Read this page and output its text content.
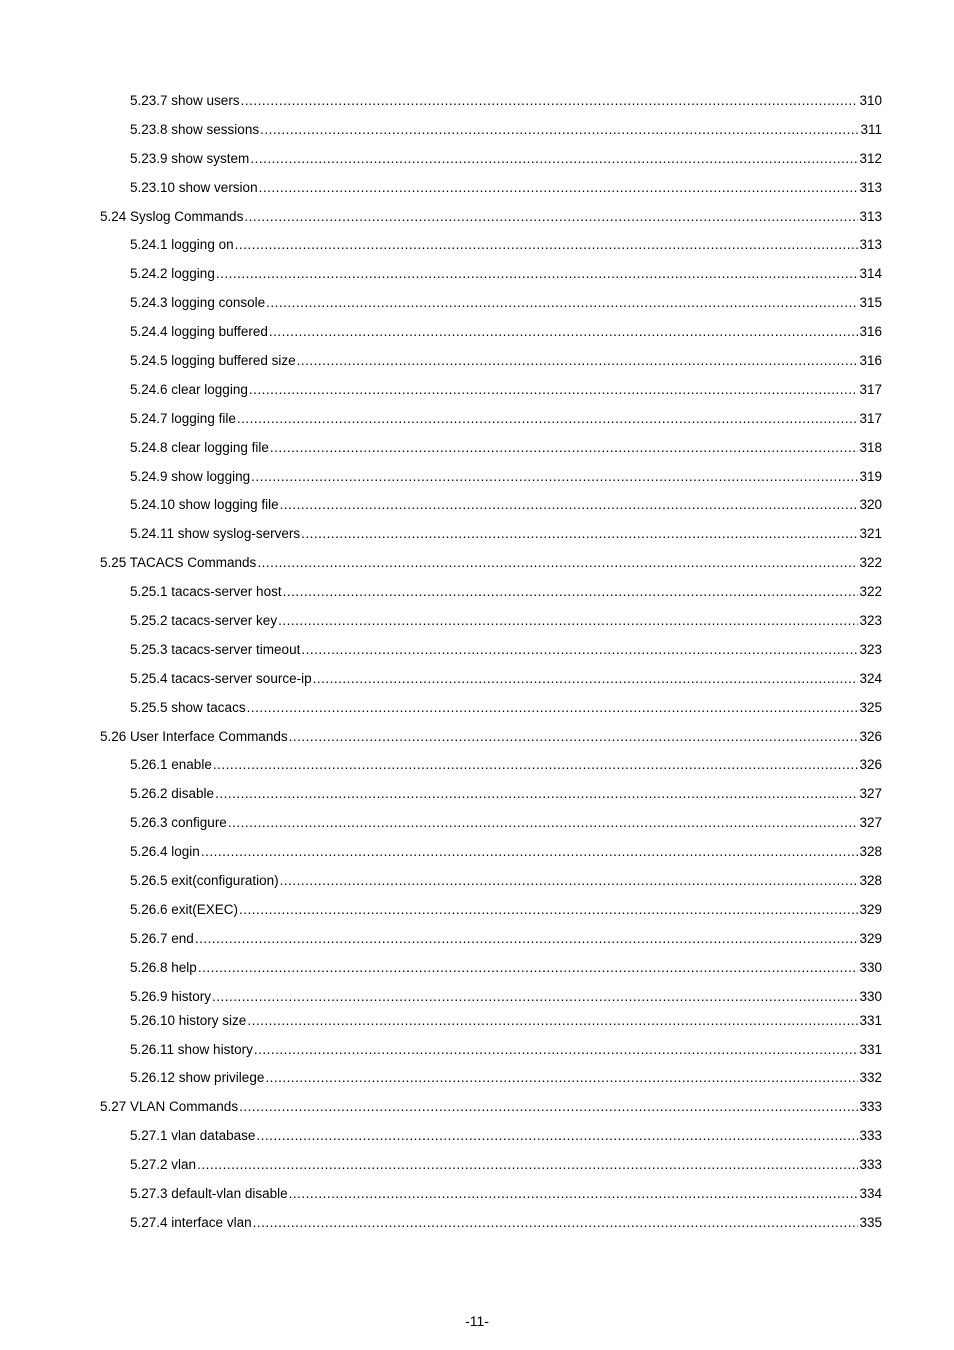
5.23.7 show users .....	310
5.23.8 show sessions .....	311
5.23.9 show system .....	312
5.23.10 show version .....	313
5.24 Syslog Commands .....	313
5.24.1 logging on .....	313
5.24.2 logging .....	314
5.24.3 logging console .....	315
5.24.4 logging buffered .....	316
5.24.5 logging buffered size .....	316
5.24.6 clear logging .....	317
5.24.7 logging file .....	317
5.24.8 clear logging file .....	318
5.24.9 show logging .....	319
5.24.10 show logging file .....	320
5.24.11 show syslog-servers .....	321
5.25 TACACS Commands .....	322
5.25.1 tacacs-server host .....	322
5.25.2 tacacs-server key .....	323
5.25.3 tacacs-server timeout .....	323
5.25.4 tacacs-server source-ip .....	324
5.25.5 show tacacs .....	325
5.26 User Interface Commands .....	326
5.26.1 enable .....	326
5.26.2 disable .....	327
5.26.3 configure .....	327
5.26.4 login .....	328
5.26.5 exit(configuration) .....	328
5.26.6 exit(EXEC) .....	329
5.26.7 end .....	329
5.26.8 help .....	330
5.26.9 history .....	330
5.26.10 history size .....	331
5.26.11 show history .....	331
5.26.12 show privilege .....	332
5.27 VLAN Commands .....	333
5.27.1 vlan database .....	333
5.27.2 vlan .....	333
5.27.3 default-vlan disable .....	334
5.27.4 interface vlan .....	335
-11-
